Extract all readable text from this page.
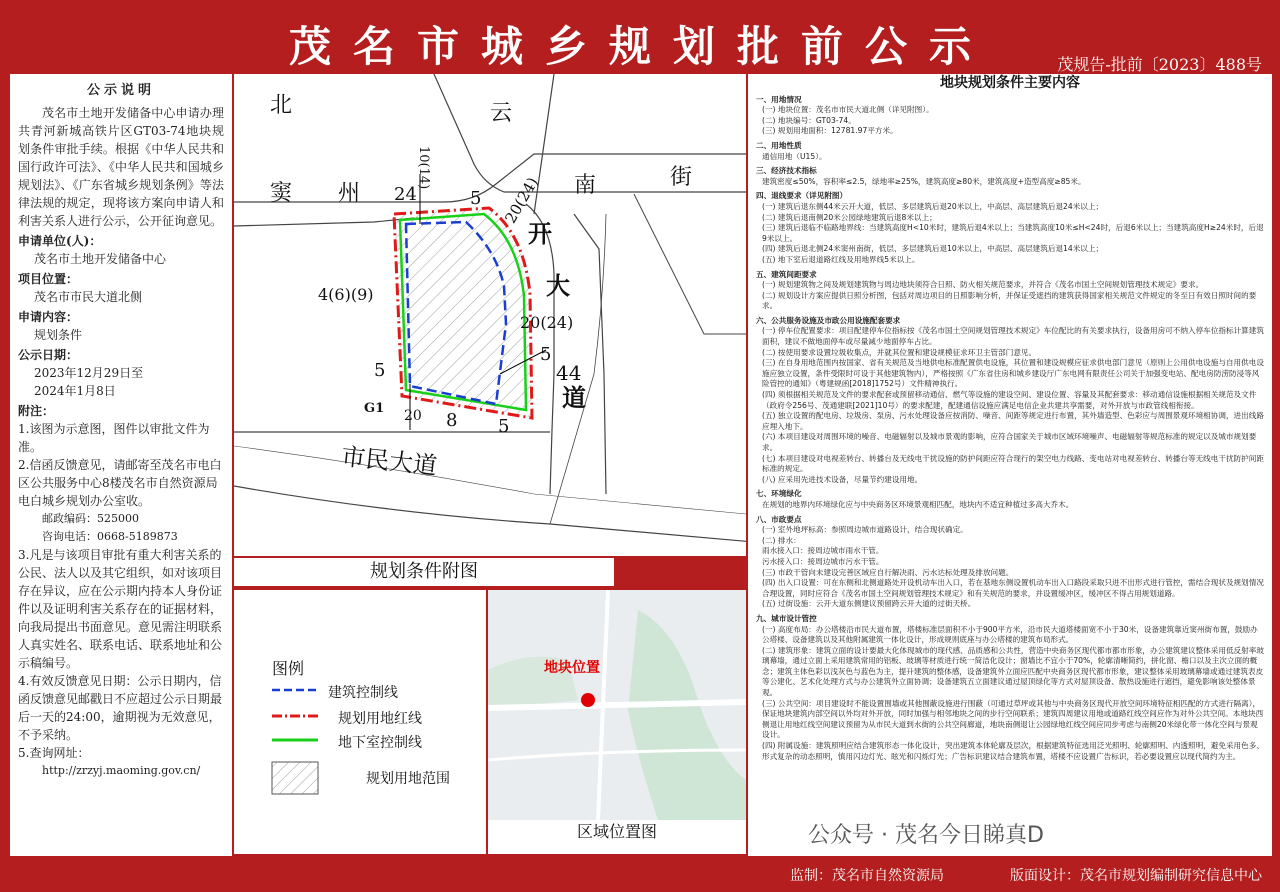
茂名市城乡规划批前公示	茂规告-批前〔2023〕488号
公示说明
茂名市土地开发储备中心申请办理共青河新城高铁片区GT03-74地块规划条件审批手续。根据《中华人民共和国行政许可法》、《中华人民共和国城乡规划法》、《广东省城乡规划条例》等法律法规的规定，现将该方案向申请人和利害关系人进行公示，公开征询意见。
申请单位(人)：
茂名市土地开发储备中心
项目位置：
茂名市市民大道北侧
申请内容：
规划条件
公示日期：
2023年12月29日至
2024年1月8日
附注：
1.该图为示意图，图件以审批文件为准。
2.信函反馈意见，请邮寄至茂名市电白区公共服务中心8楼茂名市自然资源局电白城乡规划办公室收。
邮政编码：525000
咨询电话：0668-5189873
3.凡是与该项目审批有重大利害关系的公民、法人以及其它组织，如对该项目存在异议，应在公示期内持本人身份证件以及证明利害关系存在的证据材料，向我局提出书面意见。意见需注明联系人真实姓名、联系电话、联系地址和公示稿编号。
4.有效反馈意见日期：公示日期内，信函反馈意见邮戳日不应超过公示日期最后一天的24:00，逾期视为无效意见，不予采纳。
5.查询网址：
http://zrzyj.maoming.gov.cn/
北	云
窦 州	南	街
开
大
道
市民大道
24
10(14)
5 20(24)
4(6)(9)
20(24)
5
5	44
G1 20 8 5
规划条件附图
图例
建筑控制线
规划用地红线
地下室控制线
规划用地范围
地块位置
区域位置图
地块规划条件主要内容
一、用地情况
(一) 地块位置：茂名市市民大道北侧（详见附图）。
(二) 地块编号：GT03-74。
(三) 规划用地面积：12781.97平方米。
二、用地性质
通信用地（U15）。
三、经济技术指标
建筑密度≤50%，容积率≤2.5，绿地率≥25%，建筑高度≥80米，建筑高度+造型高度≥85米。
四、退线要求（详见附图）
(一) 建筑后退东侧44米云开大道，低层、多层建筑后退20米以上，中高层、高层建筑后退24米以上；
(二) 建筑后退南侧20米公园绿地建筑后退8米以上；
(三) 建筑后退临不临路地界线：当建筑高度H<10米时，建筑后退4米以上；当建筑高度10米≤H<24时，后退6米以上；当建筑高度H≥24米时，后退9米以上。
(四) 建筑后退北侧24米窦州南街，低层、多层建筑后退10米以上，中高层、高层建筑后退14米以上；
(五) 地下室后退道路红线及用地界线5米以上。
五、建筑间距要求
(一) 规划建筑物之间及规划建筑物与周边地块须符合日照、防火相关规范要求，并符合《茂名市国土空间规划管理技术规定》要求。
(二) 规划设计方案应提供日照分析图，包括对周边项目的日照影响分析，并保证受遮挡的建筑获得国家相关规范文件规定的冬至日有效日照时间的要求。
六、公共服务设施及市政公用设施配套要求
(一) 停车位配置要求：项目配建停车位指标按《茂名市国土空间规划管理技术规定》车位配比的有关要求执行，设备用房可不纳入停车位指标计算建筑面积，建议不做地面停车或尽量减少地面停车占比。
(二) 按使用要求设置垃圾收集点，并就其位置和建设规模征求环卫主管部门意见。
(三) 在自身用地范围内按国家、省有关规范及当地供电标准配置供电设施，其位置和建设规模应征求供电部门意见（原则上公用供电设施与自用供电设施应独立设置，条件受限时可设于其他建筑物内），严格按照《广东省住房和城乡建设厅广东电网有限责任公司关于加强变电站、配电房防涝防浸等风险管控的通知》（粤建规函[2018]1752号）文件精神执行。
(四) 须根据相关规范及文件的要求配套或预留移动通信、燃气等设施的建设空间、建设位置、容量及其配套要求：移动通信设施根据相关规范及文件（政府令256号、茂通建联[2021]10号）的要求配建，配建通信设施应满足电信企业共建共享需要，对外开放与市政管线相衔接。
(五) 独立设置的配电房、垃圾房、泵房、污水处理设备应按消防、噪音、间距等规定进行布置，其外墙造型、色彩应与周围景观环境相协调，进出线路应埋入地下。
(六) 本项目建设对周围环境的噪音、电磁辐射以及城市景观的影响，应符合国家关于城市区域环境噪声、电磁辐射等规范标准的规定以及城市规划要求。
(七) 本项目建设对电视差转台、转播台及无线电干扰设施的防护间距应符合现行的架空电力线路、变电站对电视差转台、转播台等无线电干扰防护间距标准的规定。
(八) 应采用先进技术设备，尽量节约建设用地。
七、环境绿化
在规划的地界内环境绿化应与中央商务区环境景观相匹配，地块内不适宜种植过多高大乔木。
八、市政要点
(一) 室外地坪标高：参照周边城市道路设计，结合现状确定。
(二) 排水：
雨水接入口：接周边城市雨水干管。
污水接入口：接周边城市污水干管。
(三) 市政干管向未建设完善区域应自行解决雨、污水达标处理及排放问题。
(四) 出入口设置：可在东侧和北侧道路处开设机动车出入口，若在基地东侧设置机动车出入口路段采取只进不出形式进行管控，需结合现状及规划情况合理设置，同时应符合《茂名市国土空间规划管理技术规定》和有关规范的要求，并设置缓冲区，缓冲区不得占用规划道路。
(五) 过街设施：云开大道东侧建议预留跨云开大道的过街天桥。
九、城市设计管控
(一) 高度布局：办公塔楼沿市民大道布置，塔楼标准层面积不小于900平方米，沿市民大道塔楼面宽不小于30米，设备建筑靠近窦州街布置，鼓励办公塔楼、设备建筑以及其他附属建筑一体化设计，形成规则底座与办公塔楼的建筑布局形式。
(二) 建筑形象：建筑立面的设计要最大化体现城市的现代感、品质感和公共性，营造中央商务区现代都市都市形象，办公建筑建议整体采用低反射率玻璃幕墙，通过立面上采用建筑常用的铝板、玻璃等材质进行统一简洁化设计；窗墙比不宜小于70%，轮廓清晰简约，拼化窗、檐口以及主次立面的概念；建筑主体色彩以浅灰色与蓝色为主，提升建筑的整体感，设备建筑外立面应匹配中央商务区现代都市形象，建议整体采用玻璃幕墙或通过建筑表皮等公建化、艺术化处理方式与办公建筑外立面协调；设备建筑五立面建议通过屋顶绿化等方式对屋顶设备、散热设施进行遮挡，避免影响该处整体景观。
(三) 公共空间：项目建设时不能设置围墙或其他围蔽设施进行围蔽（可通过草坪或其他与中央商务区现代开放空间环境特征相匹配的方式进行隔离），保证地块建筑内部空间以外均对外开放，同时加强与相邻地块之间的步行空间联系；建筑四周建议用地或道路红线空间应作为对外公共空间。本地块西侧退让用地红线空间建议预留为从市民大道到水街的公共空间廊道，地块南侧退让公园绿地红线空间应同步考虑与南侧20米绿化带一体化空间与景观设计。
(四) 附属设施：建筑照明应结合建筑形态一体化设计，突出建筑本体轮廓及层次，根据建筑特征选用泛光照明、轮廓照明、内透照明，避免采用色多、形式复杂的动态照明，慎用闪边灯光、眩光和闪烁灯光；广告标识建议结合建筑布置，塔楼不应设置广告标识，若必要设置应以现代简约为主。
公众号 · 茂名今日睇真D
监制：茂名市自然资源局	版面设计：茂名市规划编制研究信息中心
